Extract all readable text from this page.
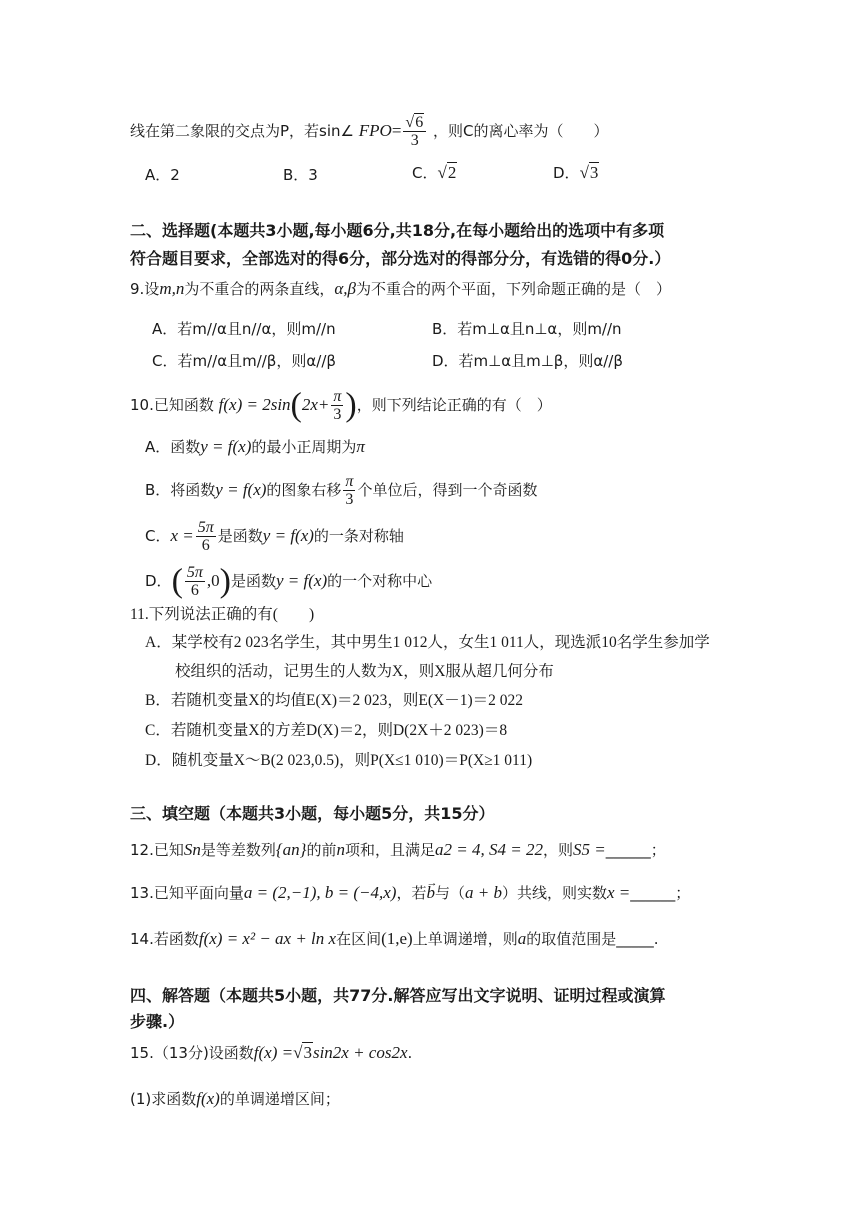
线在第二象限的交点为P，若sin∠ $FPO= \frac{√6}{3}$ ，则C的离心率为（　　）
A．2	B．3	C．√2	D．√3
二、选择题(本题共3小题,每小题6分,共18分,在每小题给出的选项中有多项
符合题目要求，全部选对的得6分，部分选对的得部分分，有选错的得0分.）
9.设m,n为不重合的两条直线，α,β为不重合的两个平面，下列命题正确的是（　）
A．若m//α且n//α，则m//n	B．若m⊥α且n⊥α，则m//n
C．若m//α且m//β，则α//β	D．若m⊥α且m⊥β，则α//β
10.已知函数 $f(x) = 2\sin(2x+ \frac{\pi}{3}$ )，则下列结论正确的有（　）
A．函数y = f(x)的最小正周期为π
B．将函数y = f(x)的图象右移 $\frac{\pi}{3}$ 个单位后，得到一个奇函数
C．$x = \frac{5\pi}{6}$ 是函数y = f(x)的一条对称轴
D．( $\frac{5\pi}{6} ,0$)是函数y = f(x)的一个对称中心
11.下列说法正确的有(　　)
A．某学校有2 023名学生，其中男生1 012人，女生1 011人，现选派10名学生参加学
校组织的活动，记男生的人数为X，则X服从超几何分布
B．若随机变量X的均值E(X)＝2 023，则E(X－1)＝2 022
C．若随机变量X的方差D(X)＝2，则D(2X＋2 023)＝8
D．随机变量X～B(2 023,0.5)，则P(X≤1 010)＝P(X≥1 011)
三、填空题（本题共3小题，每小题5分，共15分）
12.已知Sn是等差数列{an}的前n项和，且满足a2 = 4, S4 = 22，则S5 =______；
13.已知平面向量a = (2,−1), b = (−4,x)，若→ b与（a + b）共线，则实数x =______；
14.若函数f(x) = x² − ax + ln x在区间(1,e)上单调递增，则a的取值范围是_____.
四、解答题（本题共5小题，共77分.解答应写出文字说明、证明过程或演算
步骤.）
15.（13分)设函数f(x) =√3sin2x + cos2x.
(1)求函数f(x)的单调递增区间；
